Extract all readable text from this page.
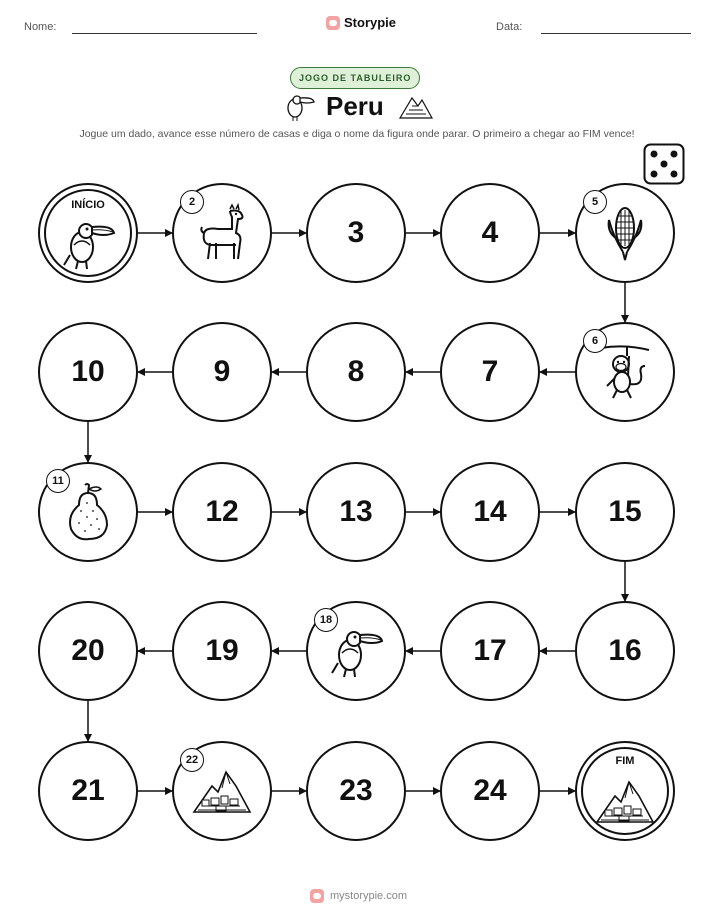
Nome:	Storypie	Data:
JOGO DE TABULEIRO
Peru
Jogue um dado, avance esse número de casas e diga o nome da figura onde parar. O primeiro a chegar ao FIM vence!
INÍCIO	2
3	4
5
6
7
8
9
10
11
12	13	14	15
16
17
18
19
20
21
22
23	24
FIM
mystorypie.com
